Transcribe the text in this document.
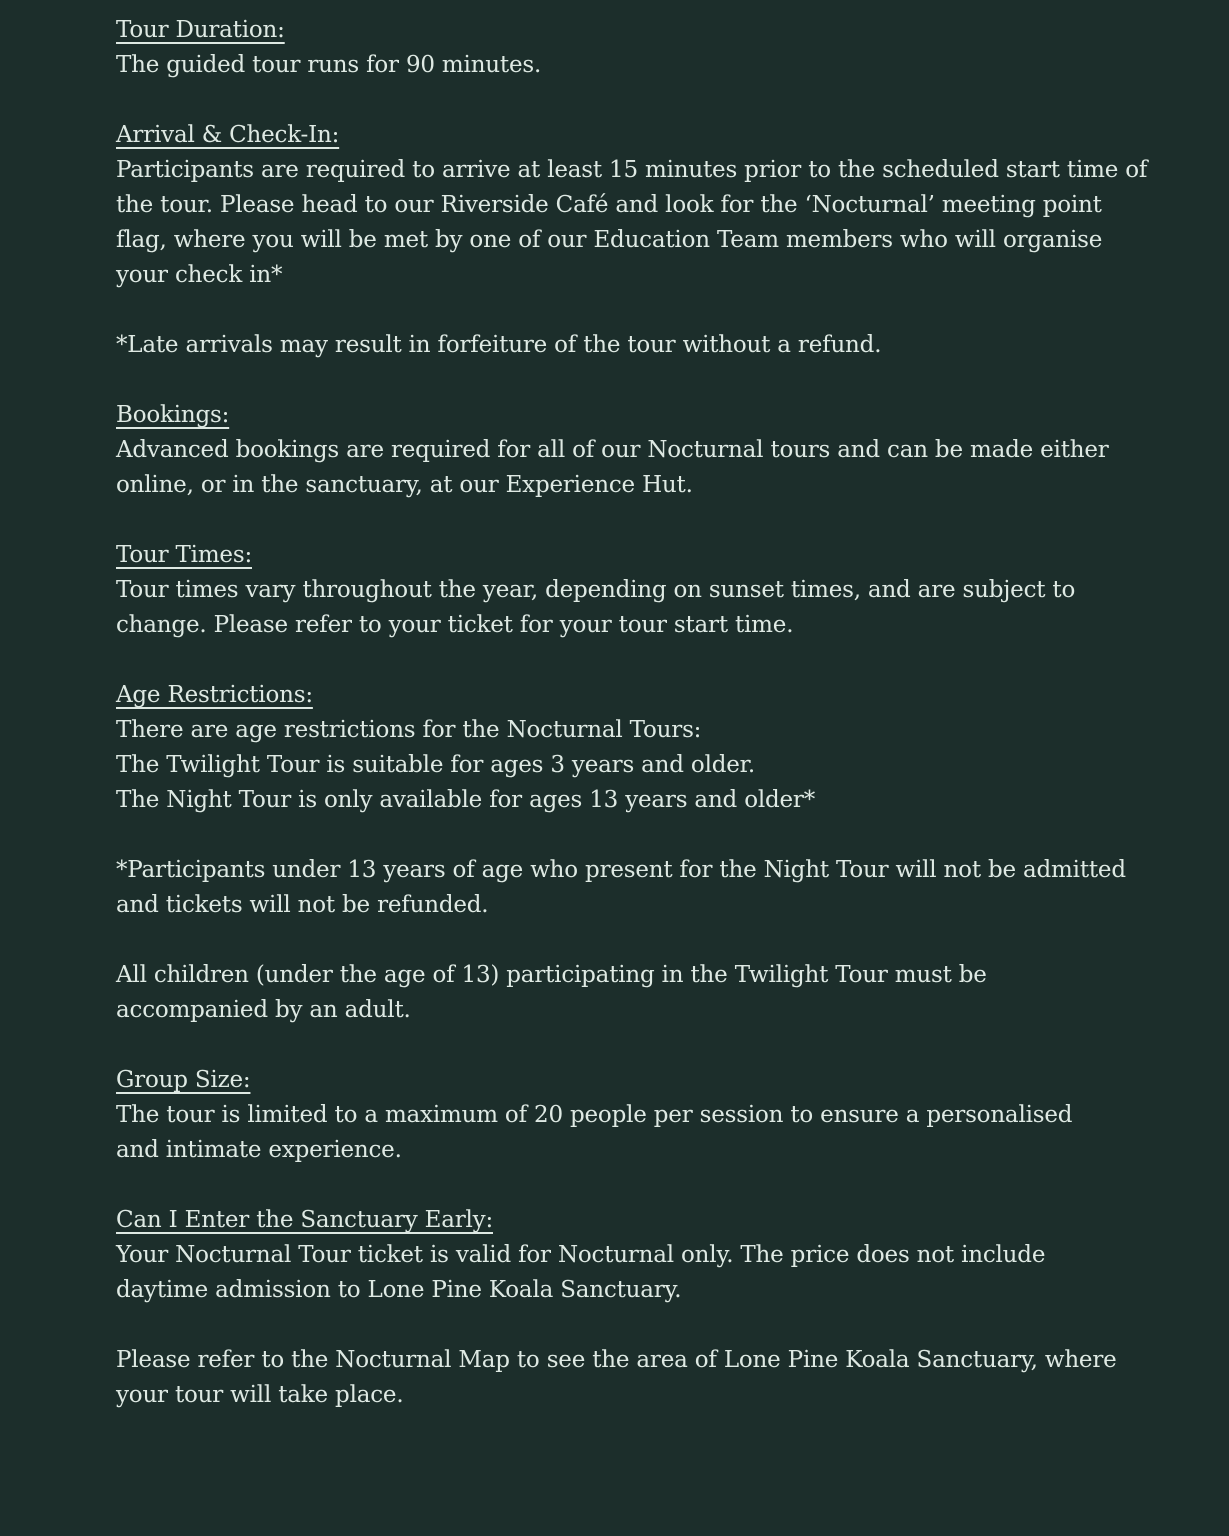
Tour Duration:
The guided tour runs for 90 minutes.
Arrival & Check-In:
Participants are required to arrive at least 15 minutes prior to the scheduled start time of
the tour. Please head to our Riverside Café and look for the ‘Nocturnal’ meeting point
flag, where you will be met by one of our Education Team members who will organise
your check in*
*Late arrivals may result in forfeiture of the tour without a refund.
Bookings:
Advanced bookings are required for all of our Nocturnal tours and can be made either
online, or in the sanctuary, at our Experience Hut.
Tour Times:
Tour times vary throughout the year, depending on sunset times, and are subject to
change. Please refer to your ticket for your tour start time.
Age Restrictions:
There are age restrictions for the Nocturnal Tours:
The Twilight Tour is suitable for ages 3 years and older.
The Night Tour is only available for ages 13 years and older*
*Participants under 13 years of age who present for the Night Tour will not be admitted
and tickets will not be refunded.
All children (under the age of 13) participating in the Twilight Tour must be
accompanied by an adult.
Group Size:
The tour is limited to a maximum of 20 people per session to ensure a personalised
and intimate experience.
Can I Enter the Sanctuary Early:
Your Nocturnal Tour ticket is valid for Nocturnal only. The price does not include
daytime admission to Lone Pine Koala Sanctuary.
Please refer to the Nocturnal Map to see the area of Lone Pine Koala Sanctuary, where
your tour will take place.
